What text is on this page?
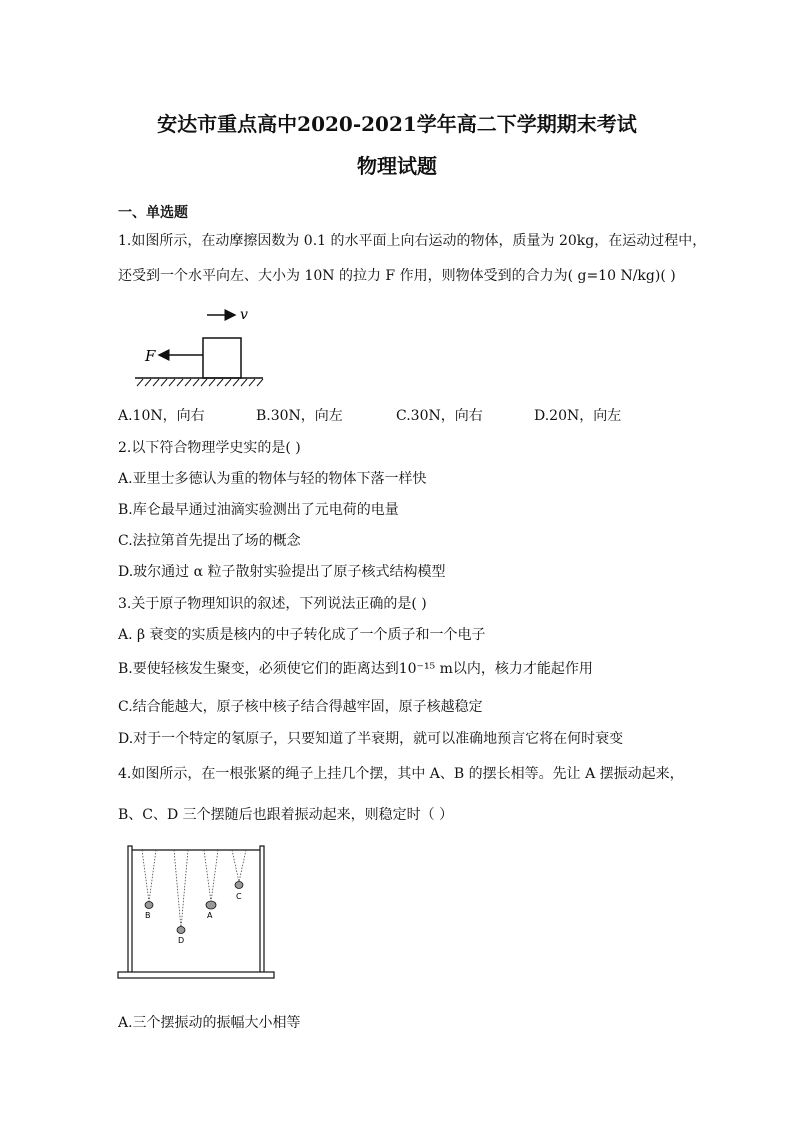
安达市重点高中2020-2021学年高二下学期期末考试
物理试题
一、单选题
1.如图所示，在动摩擦因数为 0.1 的水平面上向右运动的物体，质量为 20kg，在运动过程中，
还受到一个水平向左、大小为 10N 的拉力 F 作用，则物体受到的合力为( g=10 N/kg)( )
v
F
A.10N，向右	B.30N，向左	C.30N，向右	D.20N，向左
2.以下符合物理学史实的是( )
A.亚里士多德认为重的物体与轻的物体下落一样快
B.库仑最早通过油滴实验测出了元电荷的电量
C.法拉第首先提出了场的概念
D.玻尔通过 α 粒子散射实验提出了原子核式结构模型
3.关于原子物理知识的叙述，下列说法正确的是( )
A. β 衰变的实质是核内的中子转化成了一个质子和一个电子
B.要使轻核发生聚变，必须使它们的距离达到10⁻¹⁵ m以内，核力才能起作用
C.结合能越大，原子核中核子结合得越牢固，原子核越稳定
D.对于一个特定的氡原子，只要知道了半衰期，就可以准确地预言它将在何时衰变
4.如图所示，在一根张紧的绳子上挂几个摆，其中 A、B 的摆长相等。先让 A 摆振动起来，
B、C、D 三个摆随后也跟着振动起来，则稳定时（ ）
B
D
A
C
A.三个摆振动的振幅大小相等
